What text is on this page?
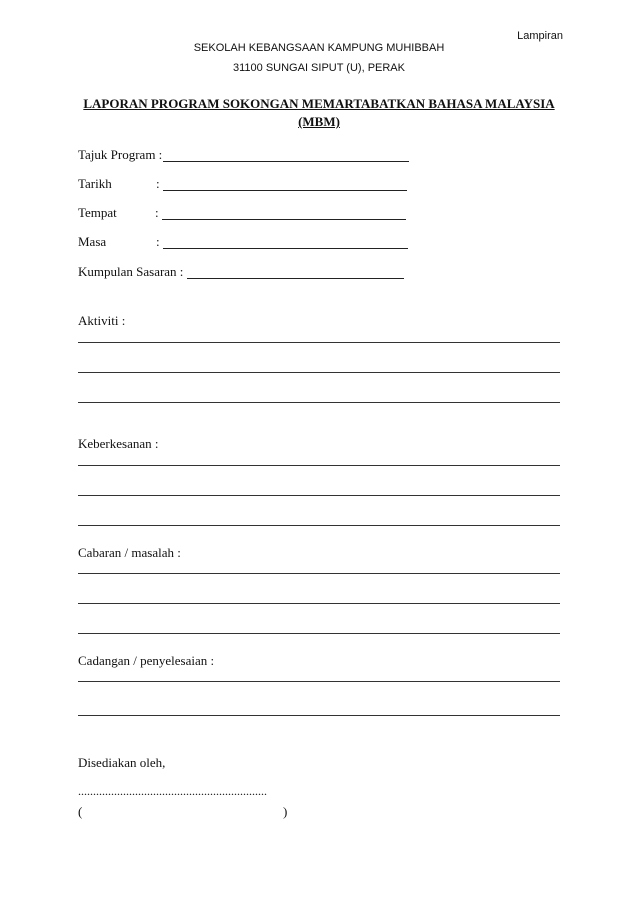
Lampiran
SEKOLAH KEBANGSAAN KAMPUNG MUHIBBAH
31100 SUNGAI SIPUT (U), PERAK
LAPORAN PROGRAM SOKONGAN MEMARTABATKAN BAHASA MALAYSIA
(MBM)
Tajuk Program :
Tarikh	:
Tempat	:
Masa	:
Kumpulan Sasaran :
Aktiviti :
Keberkesanan :
Cabaran / masalah :
Cadangan / penyelesaian :
Disediakan oleh,
...............................................................
(	)
